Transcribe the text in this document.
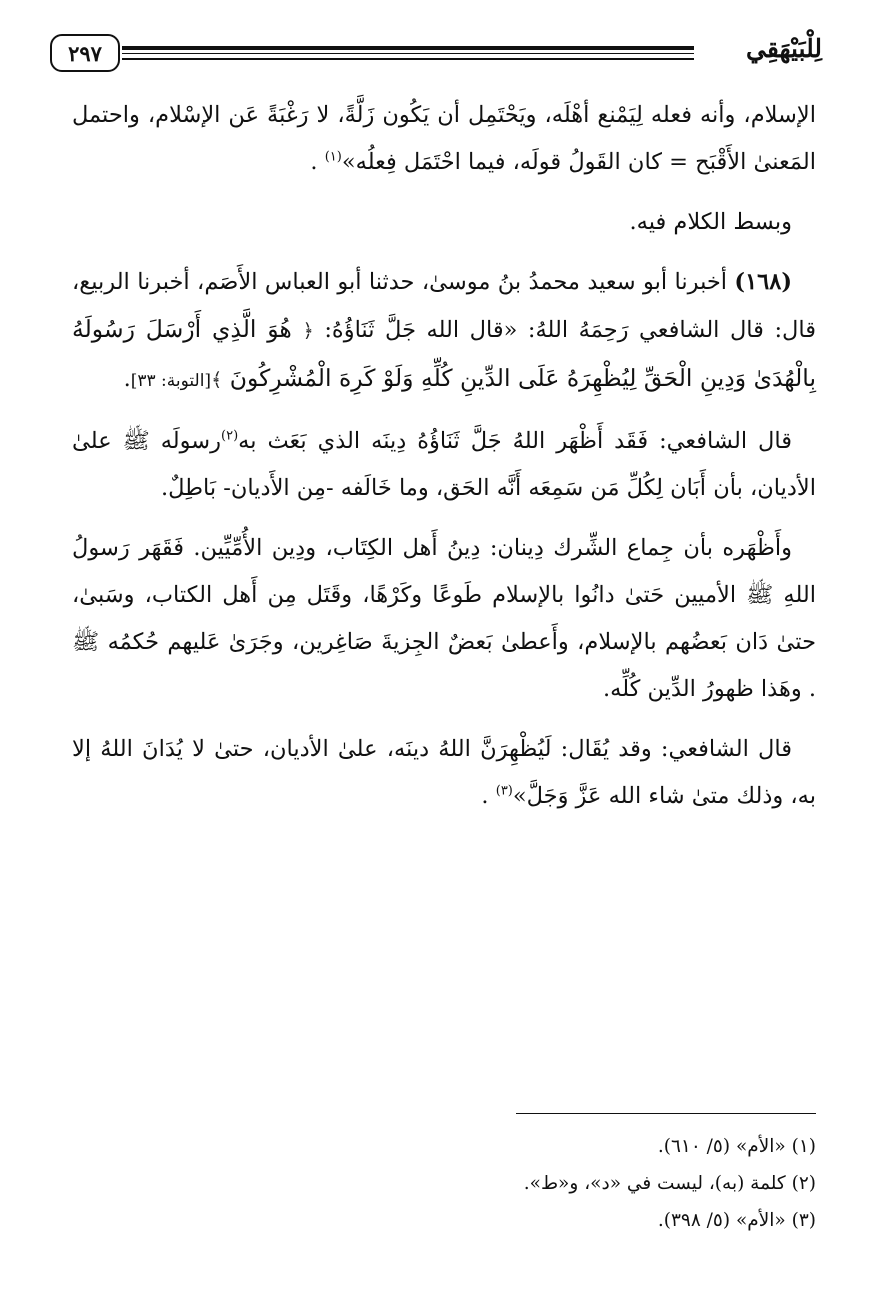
٢٩٧	لِلْبَيْهَقِي

الإسلام، وأنه فعله لِيَمْنع أهْلَه، ويَحْتَمِل أن يَكُون زَلَّةً، لا رَغْبَةً عَن الإسْلام، واحتمل المَعنىٰ الأَقْبَح = كان القَولُ قولَه، فيما احْتَمَل فِعلُه»$^{(١)}$ .

وبسط الكلام فيه.

(١٦٨) أخبرنا أبو سعيد محمدُ بنُ موسىٰ، حدثنا أبو العباس الأَصَم، أخبرنا الربيع، قال: قال الشافعي رَحِمَهُ اللهُ: «قال الله جَلَّ ثَنَاؤُهُ: ﴿ هُوَ الَّذِي أَرْسَلَ رَسُولَهُ بِالْهُدَىٰ وَدِينِ الْحَقِّ لِيُظْهِرَهُ عَلَى الدِّينِ كُلِّهِ وَلَوْ كَرِهَ الْمُشْرِكُونَ ﴾[التوبة: ٣٣].

قال الشافعي: فَقَد أَظْهَر اللهُ جَلَّ ثَنَاؤُهُ دِينَه الذي بَعَث به$^{(٢)}$رسولَه ﷺ علىٰ الأديان، بأن أَبَان لِكُلِّ مَن سَمِعَه أَنَّه الحَق، وما خَالَفه -مِن الأَديان- بَاطِلٌ.

وأَظْهَره بأن جِماع الشِّرك دِينان: دِينُ أَهل الكِتَاب، ودِين الأُمِّيِّين. فَقَهَر رَسولُ اللهِ ﷺ الأميين حَتىٰ دانُوا بالإسلام طَوعًا وكَرْهًا، وقَتَل مِن أَهل الكتاب، وسَبىٰ، حتىٰ دَان بَعضُهم بالإسلام، وأَعطىٰ بَعضٌ الجِزيةَ صَاغِرين، وجَرَىٰ عَليهم حُكمُه ﷺ . وهَذا ظهورُ الدِّين كُلِّه.

قال الشافعي: وقد يُقَال: لَيُظْهِرَنَّ اللهُ دينَه، علىٰ الأديان، حتىٰ لا يُدَانَ اللهُ إلا به، وذلك متىٰ شاء الله عَزَّ وَجَلَّ»$^{(٣)}$ .

(١) «الأم» (٥/ ٦١٠).
(٢) كلمة (به)، ليست في «د»، و«ط».
(٣) «الأم» (٥/ ٣٩٨).
